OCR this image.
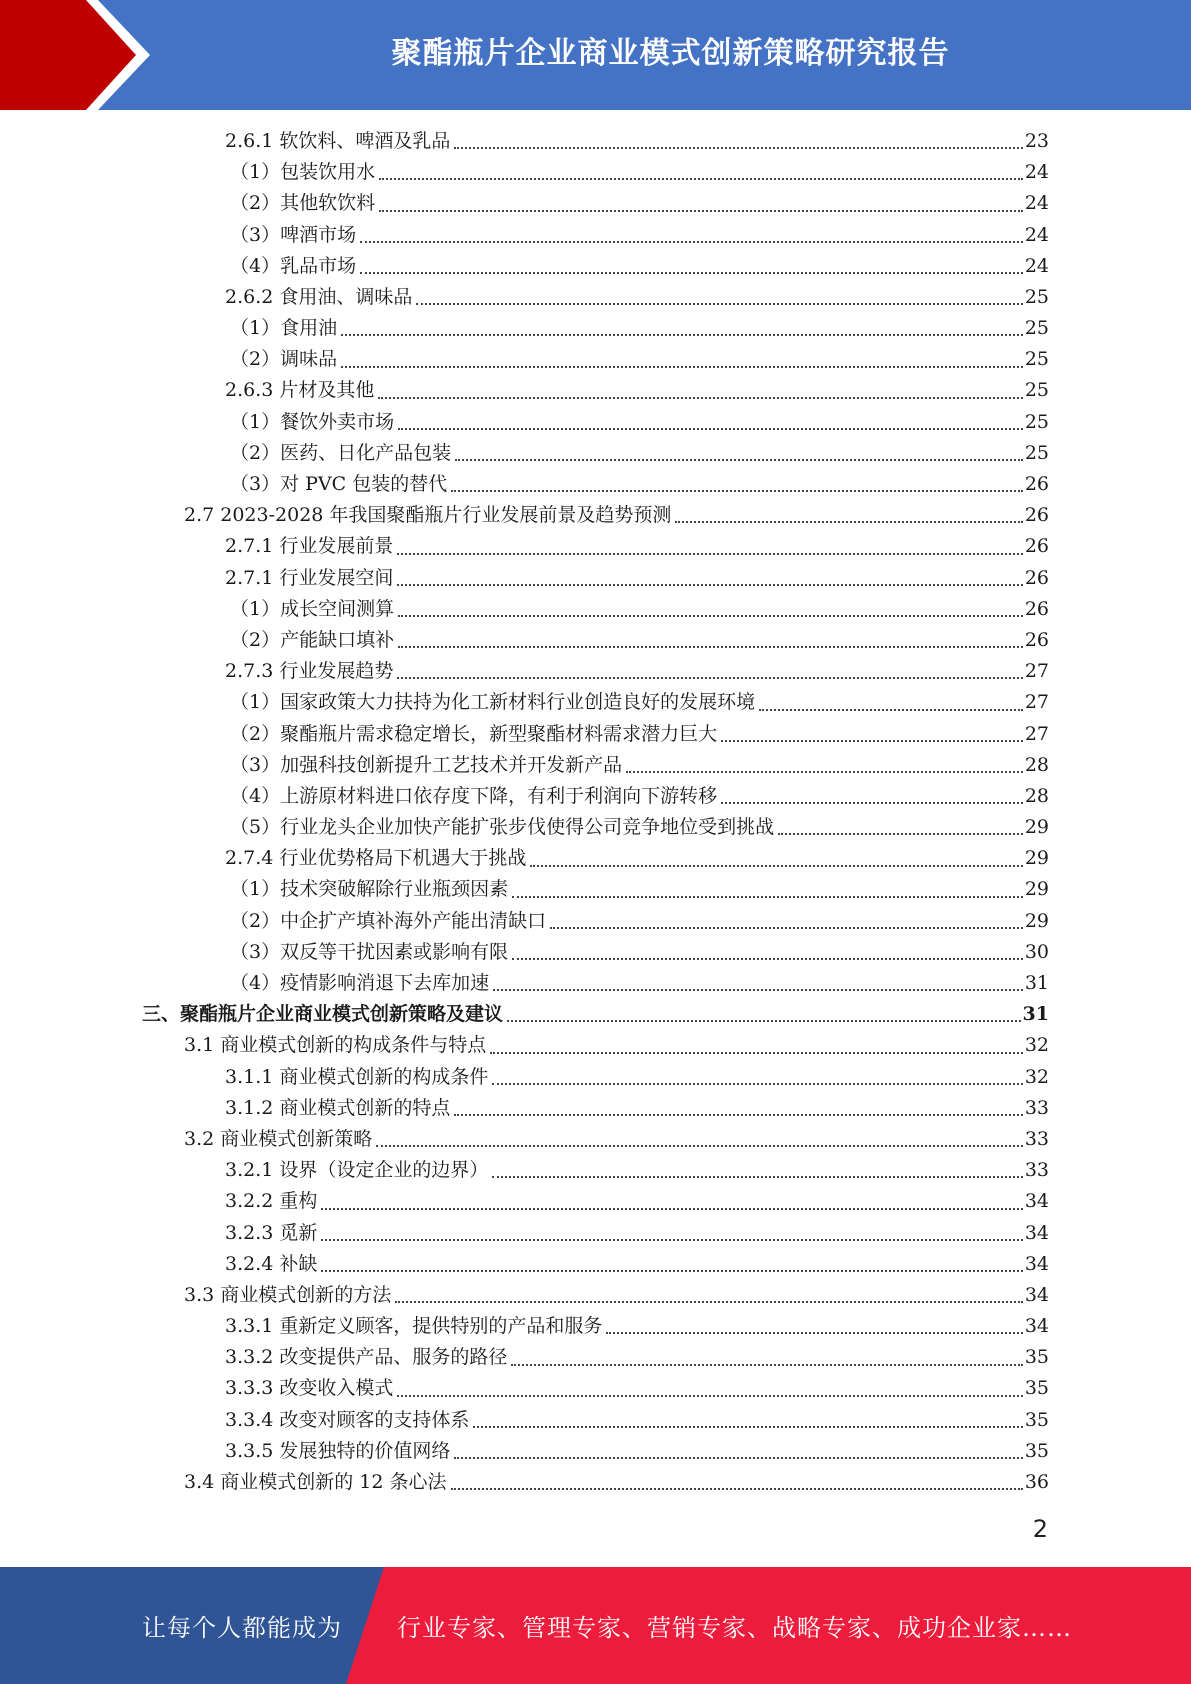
聚酯瓶片企业商业模式创新策略研究报告
2.6.1 软饮料、啤酒及乳品	23
（1）包装饮用水	24
（2）其他软饮料	24
（3）啤酒市场	24
（4）乳品市场	24
2.6.2 食用油、调味品	25
（1）食用油	25
（2）调味品	25
2.6.3 片材及其他	25
（1）餐饮外卖市场	25
（2）医药、日化产品包装	25
（3）对 PVC 包装的替代	26
2.7 2023-2028 年我国聚酯瓶片行业发展前景及趋势预测	26
2.7.1 行业发展前景	26
2.7.1 行业发展空间	26
（1）成长空间测算	26
（2）产能缺口填补	26
2.7.3 行业发展趋势	27
（1）国家政策大力扶持为化工新材料行业创造良好的发展环境	27
（2）聚酯瓶片需求稳定增长，新型聚酯材料需求潜力巨大	27
（3）加强科技创新提升工艺技术并开发新产品	28
（4）上游原材料进口依存度下降，有利于利润向下游转移	28
（5）行业龙头企业加快产能扩张步伐使得公司竞争地位受到挑战	29
2.7.4 行业优势格局下机遇大于挑战	29
（1）技术突破解除行业瓶颈因素	29
（2）中企扩产填补海外产能出清缺口	29
（3）双反等干扰因素或影响有限	30
（4）疫情影响消退下去库加速	31
三、聚酯瓶片企业商业模式创新策略及建议	31
3.1 商业模式创新的构成条件与特点	32
3.1.1 商业模式创新的构成条件	32
3.1.2 商业模式创新的特点	33
3.2 商业模式创新策略	33
3.2.1 设界（设定企业的边界）	33
3.2.2 重构	34
3.2.3 觅新	34
3.2.4 补缺	34
3.3 商业模式创新的方法	34
3.3.1 重新定义顾客，提供特别的产品和服务	34
3.3.2 改变提供产品、服务的路径	35
3.3.3 改变收入模式	35
3.3.4 改变对顾客的支持体系	35
3.3.5 发展独特的价值网络	35
3.4 商业模式创新的 12 条心法	36
2
让每个人都能成为 行业专家、管理专家、营销专家、战略专家、成功企业家……
